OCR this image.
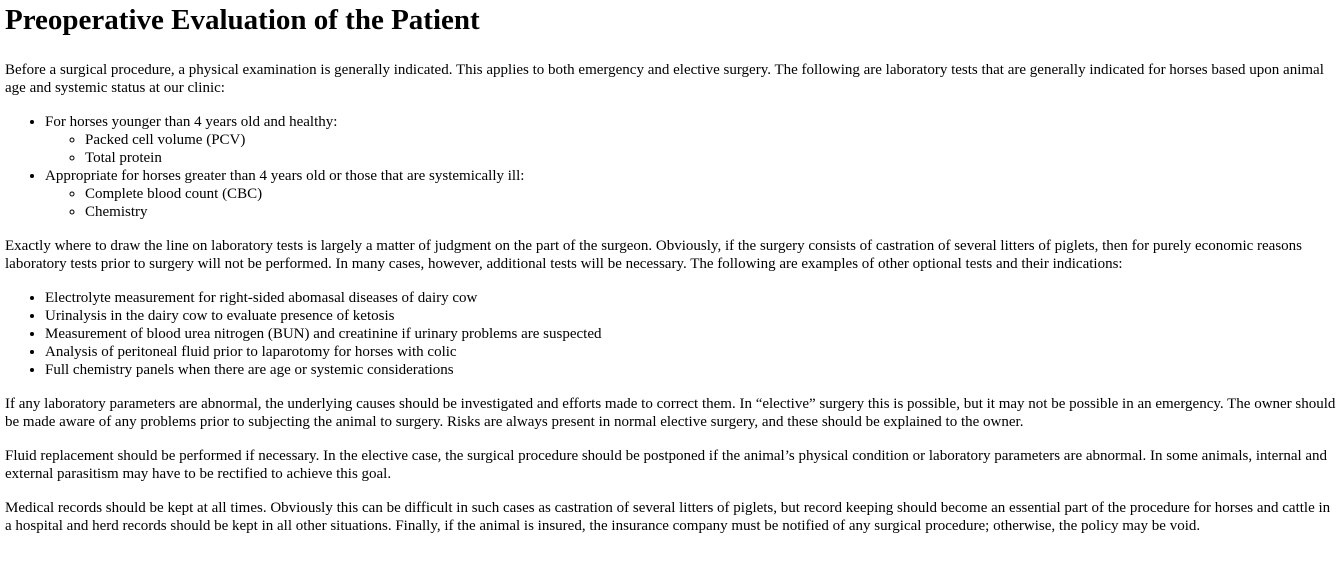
Preoperative Evaluation of the Patient

Before a surgical procedure, a physical examination is generally indicated. This applies to both emergency and elective surgery. The following are laboratory tests that are generally indicated for horses based upon animal age and systemic status at our clinic:

• For horses younger than 4 years old and healthy:
◦ Packed cell volume (PCV)
◦ Total protein
• Appropriate for horses greater than 4 years old or those that are systemically ill:
◦ Complete blood count (CBC)
◦ Chemistry

Exactly where to draw the line on laboratory tests is largely a matter of judgment on the part of the surgeon. Obviously, if the surgery consists of castration of several litters of piglets, then for purely economic reasons laboratory tests prior to surgery will not be performed. In many cases, however, additional tests will be necessary. The following are examples of other optional tests and their indications:

• Electrolyte measurement for right-sided abomasal diseases of dairy cow
• Urinalysis in the dairy cow to evaluate presence of ketosis
• Measurement of blood urea nitrogen (BUN) and creatinine if urinary problems are suspected
• Analysis of peritoneal fluid prior to laparotomy for horses with colic
• Full chemistry panels when there are age or systemic considerations

If any laboratory parameters are abnormal, the underlying causes should be investigated and efforts made to correct them. In “elective” surgery this is possible, but it may not be possible in an emergency. The owner should be made aware of any problems prior to subjecting the animal to surgery. Risks are always present in normal elective surgery, and these should be explained to the owner.

Fluid replacement should be performed if necessary. In the elective case, the surgical procedure should be postponed if the animal’s physical condition or laboratory parameters are abnormal. In some animals, internal and external parasitism may have to be rectified to achieve this goal.

Medical records should be kept at all times. Obviously this can be difficult in such cases as castration of several litters of piglets, but record keeping should become an essential part of the procedure for horses and cattle in a hospital and herd records should be kept in all other situations. Finally, if the animal is insured, the insurance company must be notified of any surgical procedure; otherwise, the policy may be void.
